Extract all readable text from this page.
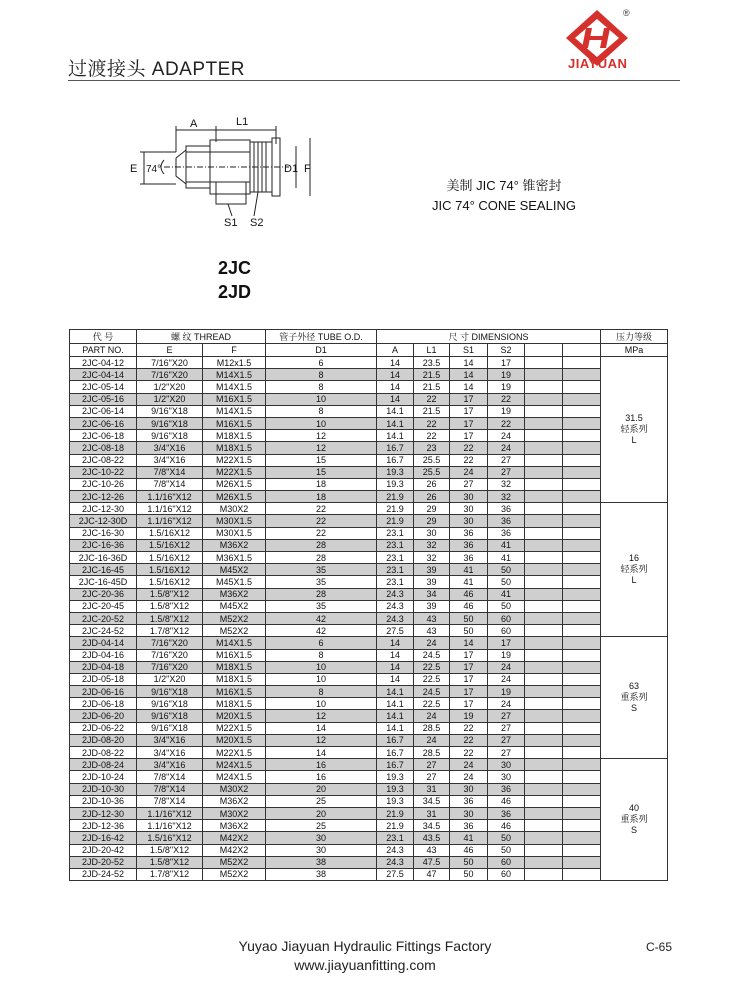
过渡接头 ADAPTER
®
JIAYUAN
A	L1
E 74°	D1 F
S1 S2
美制 JIC 74° 锥密封
JIC 74° CONE SEALING
2JC
2JD
代 号	螺 纹 THREAD		管子外径 TUBE O.D.	尺 寸 DIMENSIONS						压力等级
PART NO.	E	F	D1	A	L1	S1	S2			MPa
2JC-04-12	7/16"X20	M12x1.5	6	14	23.5	14	17			31.5
轻系列
L

2JC-04-14	7/16"X20	M14X1.5	8	14	21.5	14	19			
2JC-05-14	1/2"X20	M14X1.5	8	14	21.5	14	19			
2JC-05-16	1/2"X20	M16X1.5	10	14	22	17	22			
2JC-06-14	9/16"X18	M14X1.5	8	14.1	21.5	17	19			
2JC-06-16	9/16"X18	M16X1.5	10	14.1	22	17	22			
2JC-06-18	9/16"X18	M18X1.5	12	14.1	22	17	24			
2JC-08-18	3/4"X16	M18X1.5	12	16.7	23	22	24			
2JC-08-22	3/4"X16	M22X1.5	15	16.7	25.5	22	27			
2JC-10-22	7/8"X14	M22X1.5	15	19.3	25.5	24	27			
2JC-10-26	7/8"X14	M26X1.5	18	19.3	26	27	32			
2JC-12-26	1.1/16"X12	M26X1.5	18	21.9	26	30	32			
2JC-12-30	1.1/16"X12	M30X2	22	21.9	29	30	36			16
轻系列
L

2JC-12-30D	1.1/16"X12	M30X1.5	22	21.9	29	30	36			
2JC-16-30	1.5/16X12	M30X1.5	22	23.1	30	36	36			
2JC-16-36	1.5/16X12	M36X2	28	23.1	32	36	41			
2JC-16-36D	1.5/16X12	M36X1.5	28	23.1	32	36	41			
2JC-16-45	1.5/16X12	M45X2	35	23.1	39	41	50			
2JC-16-45D	1.5/16X12	M45X1.5	35	23.1	39	41	50			
2JC-20-36	1.5/8"X12	M36X2	28	24.3	34	46	41			
2JC-20-45	1.5/8"X12	M45X2	35	24.3	39	46	50			
2JC-20-52	1.5/8"X12	M52X2	42	24.3	43	50	60			
2JC-24-52	1.7/8"X12	M52X2	42	27.5	43	50	60			
2JD-04-14	7/16"X20	M14X1.5	6	14	24	14	17			63
重系列
S

2JD-04-16	7/16"X20	M16X1.5	8	14	24.5	17	19			
2JD-04-18	7/16"X20	M18X1.5	10	14	22.5	17	24			
2JD-05-18	1/2"X20	M18X1.5	10	14	22.5	17	24			
2JD-06-16	9/16"X18	M16X1.5	8	14.1	24.5	17	19			
2JD-06-18	9/16"X18	M18X1.5	10	14.1	22.5	17	24			
2JD-06-20	9/16"X18	M20X1.5	12	14.1	24	19	27			
2JD-06-22	9/16"X18	M22X1.5	14	14.1	28.5	22	27			
2JD-08-20	3/4"X16	M20X1.5	12	16.7	24	22	27			
2JD-08-22	3/4"X16	M22X1.5	14	16.7	28.5	22	27			
2JD-08-24	3/4"X16	M24X1.5	16	16.7	27	24	30			40
重系列
S

2JD-10-24	7/8"X14	M24X1.5	16	19.3	27	24	30			
2JD-10-30	7/8"X14	M30X2	20	19.3	31	30	36			
2JD-10-36	7/8"X14	M36X2	25	19.3	34.5	36	46			
2JD-12-30	1.1/16"X12	M30X2	20	21.9	31	30	36			
2JD-12-36	1.1/16"X12	M36X2	25	21.9	34.5	36	46			
2JD-16-42	1.5/16"X12	M42X2	30	23.1	43.5	41	50			
2JD-20-42	1.5/8"X12	M42X2	30	24.3	43	46	50			
2JD-20-52	1.5/8"X12	M52X2	38	24.3	47.5	50	60			
2JD-24-52	1.7/8"X12	M52X2	38	27.5	47	50	60			
Yuyao Jiayuan Hydraulic Fittings Factory
www.jiayuanfitting.com
C-65
